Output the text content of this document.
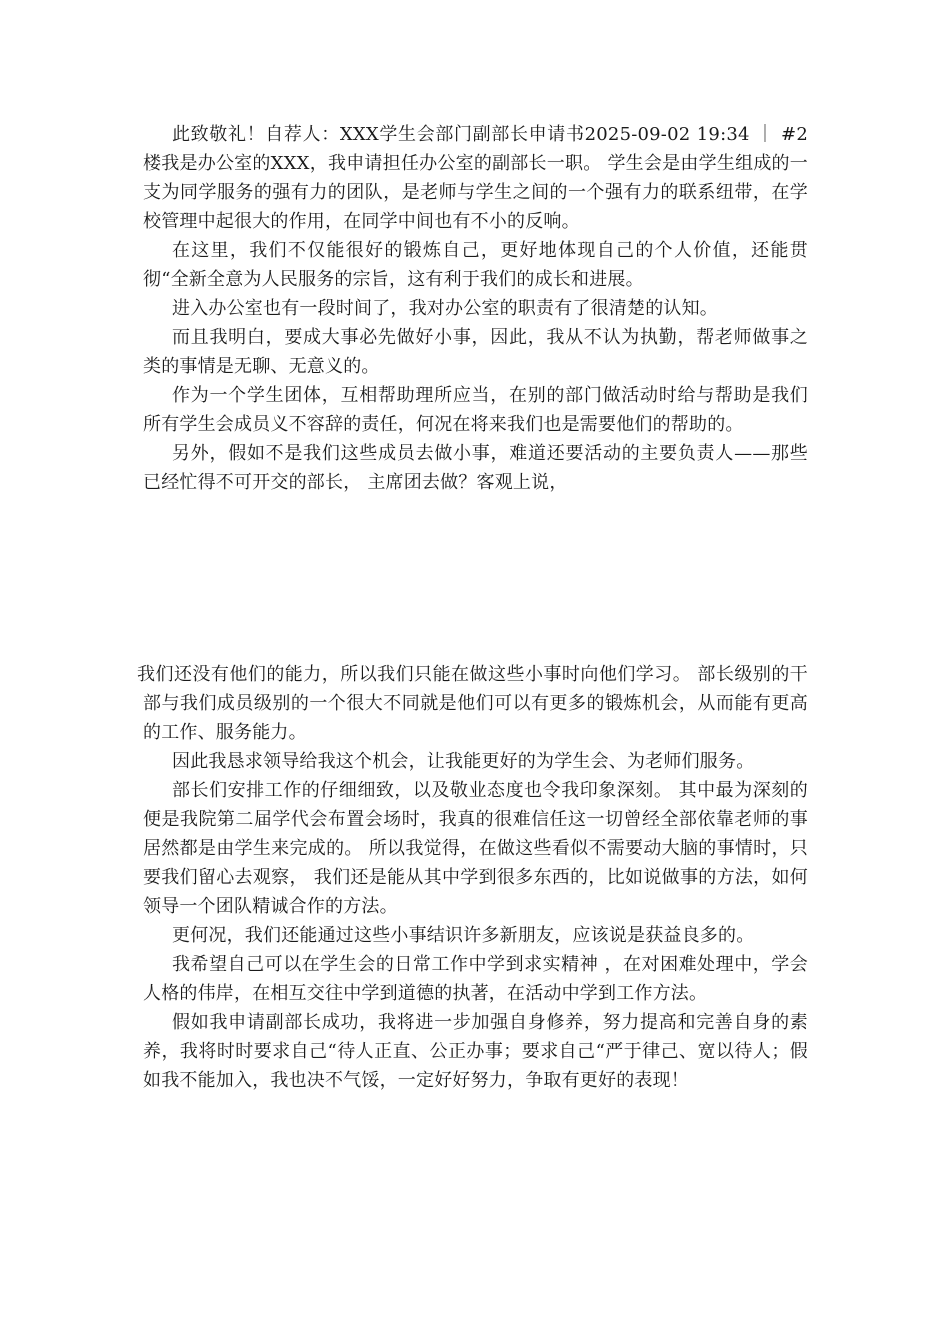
此致敬礼！自荐人：XXX学生会部门副部长申请书2025-09-02 19:34 ｜ #2楼我是办公室的XXX，我申请担任办公室的副部长一职。 学生会是由学生组成的一支为同学服务的强有力的团队，是老师与学生之间的一个强有力的联系纽带，在学校管理中起很大的作用，在同学中间也有不小的反响。

在这里，我们不仅能很好的锻炼自己，更好地体现自己的个人价值，还能贯彻“全新全意为人民服务的宗旨，这有利于我们的成长和进展。

进入办公室也有一段时间了，我对办公室的职责有了很清楚的认知。

而且我明白，要成大事必先做好小事，因此，我从不认为执勤，帮老师做事之类的事情是无聊、无意义的。

作为一个学生团体，互相帮助理所应当，在别的部门做活动时给与帮助是我们所有学生会成员义不容辞的责任，何况在将来我们也是需要他们的帮助的。

另外，假如不是我们这些成员去做小事，难道还要活动的主要负责人——那些已经忙得不可开交的部长， 主席团去做？客观上说，

我们还没有他们的能力，所以我们只能在做这些小事时向他们学习。 部长级别的干部与我们成员级别的一个很大不同就是他们可以有更多的锻炼机会，从而能有更高的工作、服务能力。

因此我恳求领导给我这个机会，让我能更好的为学生会、为老师们服务。

部长们安排工作的仔细细致，以及敬业态度也令我印象深刻。 其中最为深刻的便是我院第二届学代会布置会场时，我真的很难信任这一切曾经全部依靠老师的事居然都是由学生来完成的。 所以我觉得，在做这些看似不需要动大脑的事情时，只要我们留心去观察， 我们还是能从其中学到很多东西的，比如说做事的方法，如何领导一个团队精诚合作的方法。

更何况，我们还能通过这些小事结识许多新朋友，应该说是获益良多的。

我希望自己可以在学生会的日常工作中学到求实精神 ，在对困难处理中，学会人格的伟岸，在相互交往中学到道德的执著，在活动中学到工作方法。

假如我申请副部长成功，我将进一步加强自身修养，努力提高和完善自身的素养，我将时时要求自己“待人正直、公正办事；要求自己“严于律己、宽以待人；假如我不能加入，我也决不气馁，一定好好努力，争取有更好的表现！
